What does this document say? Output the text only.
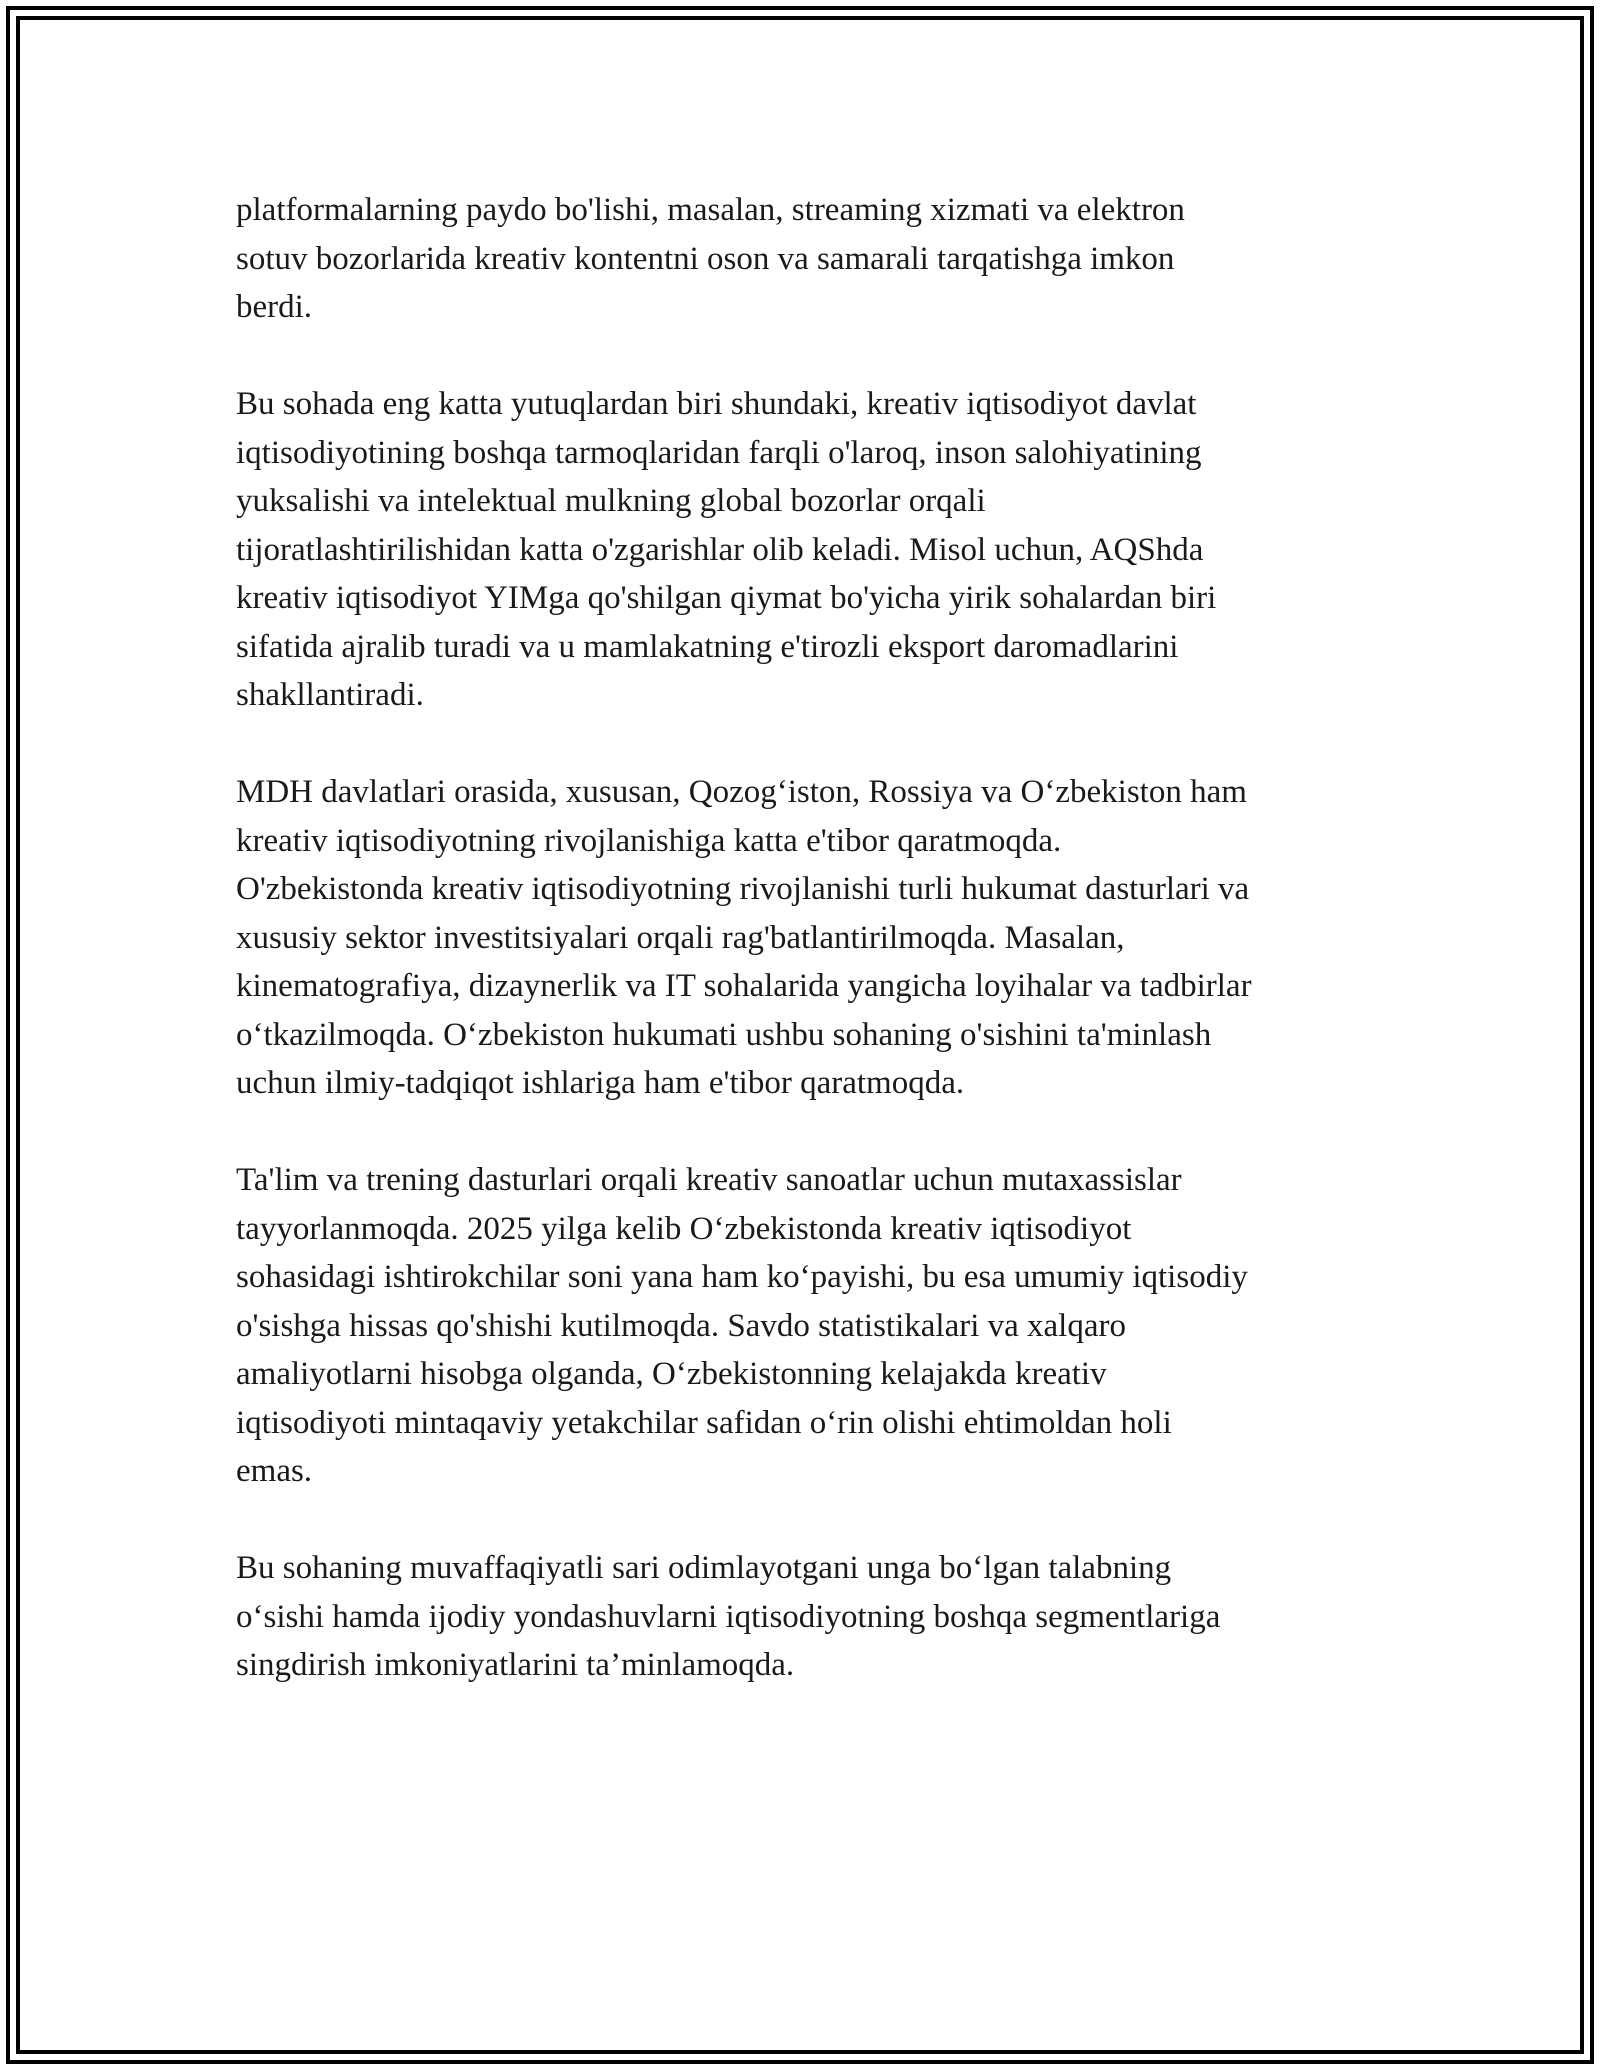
platformalarning paydo bo'lishi, masalan, streaming xizmati va elektron
sotuv bozorlarida kreativ kontentni oson va samarali tarqatishga imkon
berdi.

Bu sohada eng katta yutuqlardan biri shundaki, kreativ iqtisodiyot davlat
iqtisodiyotining boshqa tarmoqlaridan farqli o'laroq, inson salohiyatining
yuksalishi va intelektual mulkning global bozorlar orqali
tijoratlashtirilishidan katta o'zgarishlar olib keladi. Misol uchun, AQShda
kreativ iqtisodiyot YIMga qo'shilgan qiymat bo'yicha yirik sohalardan biri
sifatida ajralib turadi va u mamlakatning e'tirozli eksport daromadlarini
shakllantiradi.

MDH davlatlari orasida, xususan, Qozog‘iston, Rossiya va O‘zbekiston ham
kreativ iqtisodiyotning rivojlanishiga katta e'tibor qaratmoqda.
O'zbekistonda kreativ iqtisodiyotning rivojlanishi turli hukumat dasturlari va
xususiy sektor investitsiyalari orqali rag'batlantirilmoqda. Masalan,
kinematografiya, dizaynerlik va IT sohalarida yangicha loyihalar va tadbirlar
o‘tkazilmoqda. O‘zbekiston hukumati ushbu sohaning o'sishini ta'minlash
uchun ilmiy-tadqiqot ishlariga ham e'tibor qaratmoqda.

Ta'lim va trening dasturlari orqali kreativ sanoatlar uchun mutaxassislar
tayyorlanmoqda. 2025 yilga kelib O‘zbekistonda kreativ iqtisodiyot
sohasidagi ishtirokchilar soni yana ham ko‘payishi, bu esa umumiy iqtisodiy
o'sishga hissas qo'shishi kutilmoqda. Savdo statistikalari va xalqaro
amaliyotlarni hisobga olganda, O‘zbekistonning kelajakda kreativ
iqtisodiyoti mintaqaviy yetakchilar safidan o‘rin olishi ehtimoldan holi
emas.

Bu sohaning muvaffaqiyatli sari odimlayotgani unga bo‘lgan talabning
o‘sishi hamda ijodiy yondashuvlarni iqtisodiyotning boshqa segmentlariga
singdirish imkoniyatlarini ta’minlamoqda.
